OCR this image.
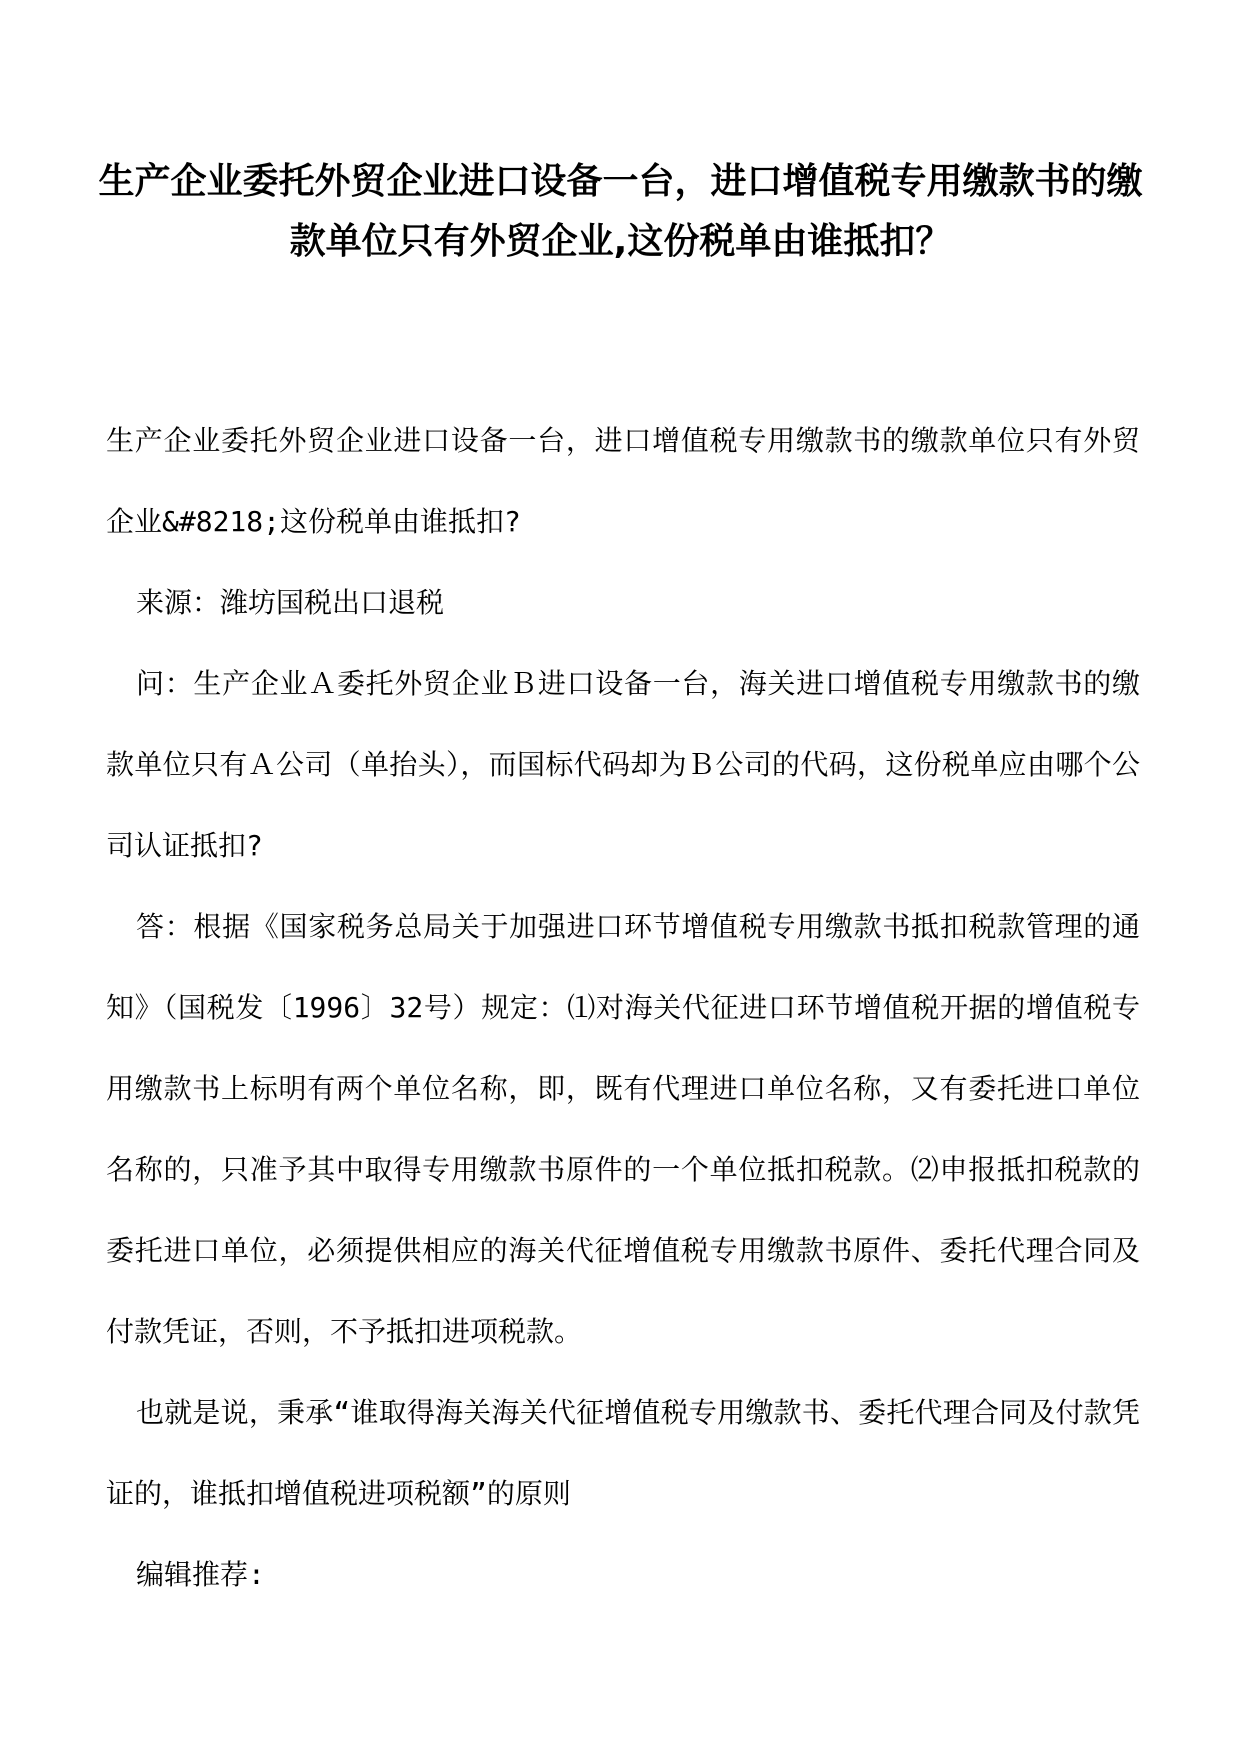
生产企业委托外贸企业进口设备一台，进口增值税专用缴款书的缴款单位只有外贸企业,这份税单由谁抵扣？

生产企业委托外贸企业进口设备一台，进口增值税专用缴款书的缴款单位只有外贸企业&#8218;这份税单由谁抵扣?

来源：潍坊国税出口退税

问：生产企业Ａ委托外贸企业Ｂ进口设备一台，海关进口增值税专用缴款书的缴款单位只有Ａ公司（单抬头），而国标代码却为Ｂ公司的代码，这份税单应由哪个公司认证抵扣?

答：根据《国家税务总局关于加强进口环节增值税专用缴款书抵扣税款管理的通知》（国税发〔1996〕32号）规定：⑴对海关代征进口环节增值税开据的增值税专用缴款书上标明有两个单位名称，即，既有代理进口单位名称，又有委托进口单位名称的，只准予其中取得专用缴款书原件的一个单位抵扣税款。⑵申报抵扣税款的委托进口单位，必须提供相应的海关代征增值税专用缴款书原件、委托代理合同及付款凭证，否则，不予抵扣进项税款。

也就是说，秉承“谁取得海关海关代征增值税专用缴款书、委托代理合同及付款凭证的，谁抵扣增值税进项税额”的原则

编辑推荐:
